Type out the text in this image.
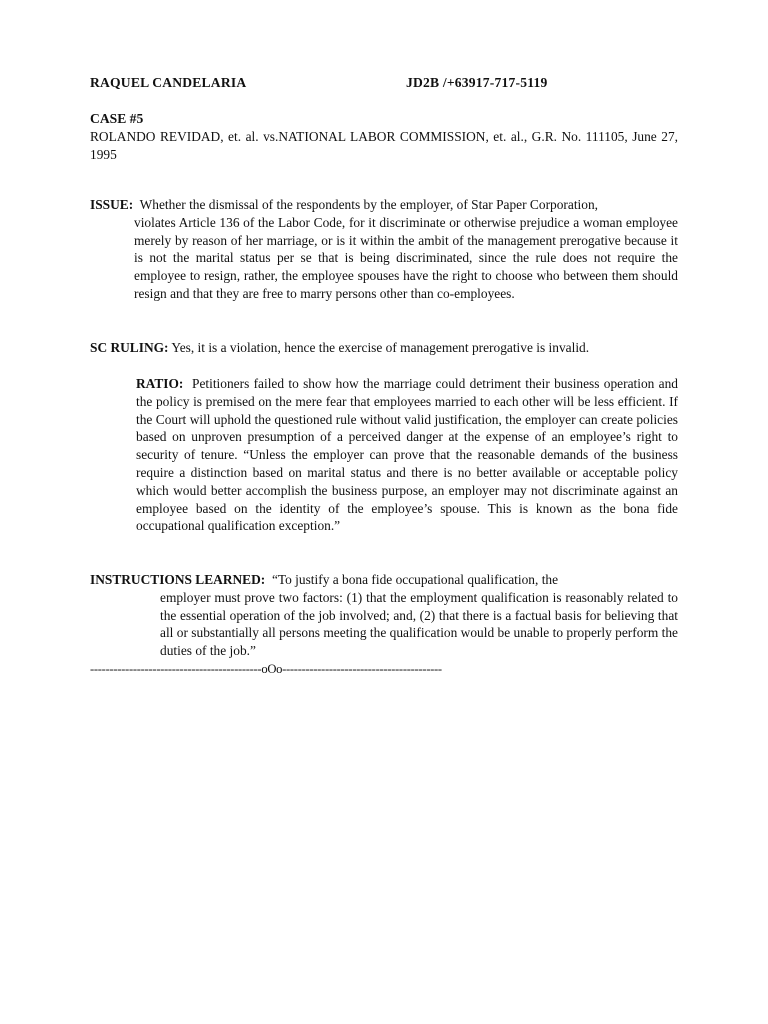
RAQUEL CANDELARIA	JD2B /+63917-717-5119
CASE #5

ROLANDO REVIDAD, et. al. vs.NATIONAL LABOR COMMISSION, et. al., G.R. No. 111105, June 27, 1995

ISSUE: Whether the dismissal of the respondents by the employer, of Star Paper Corporation,

violates Article 136 of the Labor Code, for it discriminate or otherwise prejudice a woman employee merely by reason of her marriage, or is it within the ambit of the management prerogative because it is not the marital status per se that is being discriminated, since the rule does not require the employee to resign, rather, the employee spouses have the right to choose who between them should resign and that they are free to marry persons other than co-employees.

SC RULING: Yes, it is a violation, hence the exercise of management prerogative is invalid.

RATIO: Petitioners failed to show how the marriage could detriment their business operation and the policy is premised on the mere fear that employees married to each other will be less efficient. If the Court will uphold the questioned rule without valid justification, the employer can create policies based on unproven presumption of a perceived danger at the expense of an employee’s right to security of tenure. “Unless the employer can prove that the reasonable demands of the business require a distinction based on marital status and there is no better available or acceptable policy which would better accomplish the business purpose, an employer may not discriminate against an employee based on the identity of the employee’s spouse. This is known as the bona fide occupational qualification exception.”

INSTRUCTIONS LEARNED: “To justify a bona fide occupational qualification, the

employer must prove two factors: (1) that the employment qualification is reasonably related to the essential operation of the job involved; and, (2) that there is a factual basis for believing that all or substantially all persons meeting the qualification would be unable to properly perform the duties of the job.”

--------------------------------------------oOo-----------------------------------------
